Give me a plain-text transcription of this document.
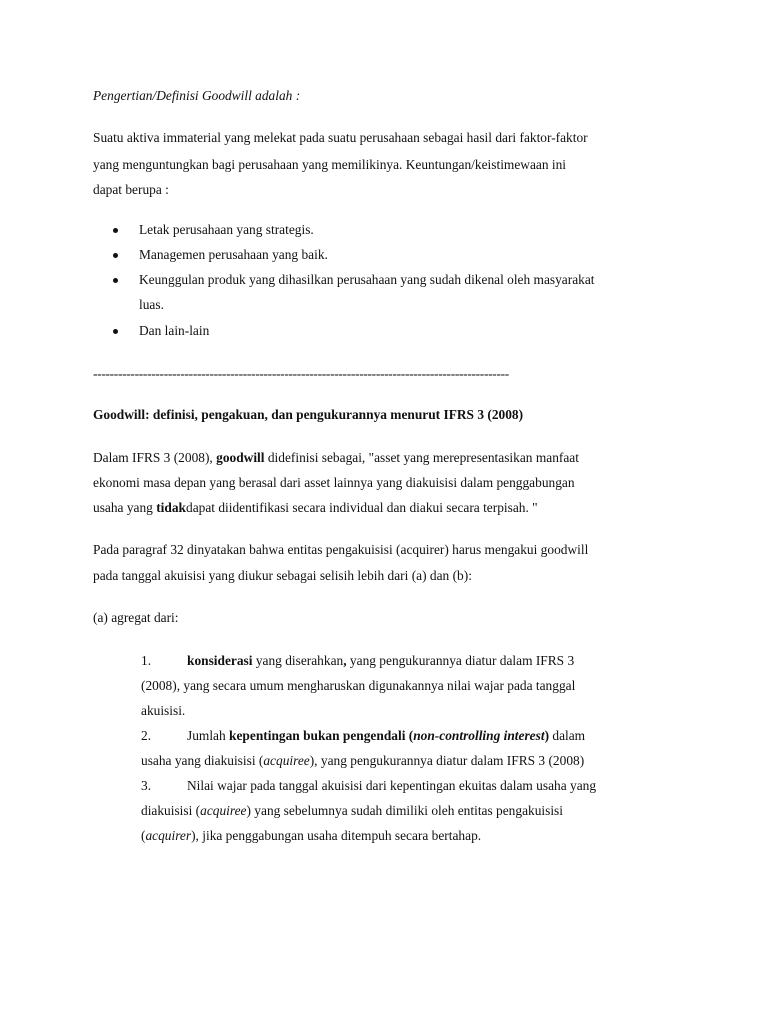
Pengertian/Definisi Goodwill adalah :
Suatu aktiva immaterial yang melekat pada suatu perusahaan sebagai hasil dari faktor-faktor
yang menguntungkan bagi perusahaan yang memilikinya. Keuntungan/keistimewaan ini
dapat berupa :
Letak perusahaan yang strategis.
Managemen perusahaan yang baik.
Keunggulan produk yang dihasilkan perusahaan yang sudah dikenal oleh masyarakat
luas.
Dan lain-lain
----------------------------------------------------------------------------------------------------
Goodwill: definisi, pengakuan, dan pengukurannya menurut IFRS 3 (2008)
Dalam IFRS 3 (2008), goodwill didefinisi sebagai, "asset yang merepresentasikan manfaat
ekonomi masa depan yang berasal dari asset lainnya yang diakuisisi dalam penggabungan
usaha yang tidakdapat diidentifikasi secara individual dan diakui secara terpisah. "
Pada paragraf 32 dinyatakan bahwa entitas pengakuisisi (acquirer) harus mengakui goodwill
pada tanggal akuisisi yang diukur sebagai selisih lebih dari (a) dan (b):
(a) agregat dari:
1.	konsiderasi yang diserahkan, yang pengukurannya diatur dalam IFRS 3
(2008), yang secara umum mengharuskan digunakannya nilai wajar pada tanggal
akuisisi.
2.	Jumlah kepentingan bukan pengendali (non-controlling interest) dalam
usaha yang diakuisisi (acquiree), yang pengukurannya diatur dalam IFRS 3 (2008)
3.	Nilai wajar pada tanggal akuisisi dari kepentingan ekuitas dalam usaha yang
diakuisisi (acquiree) yang sebelumnya sudah dimiliki oleh entitas pengakuisisi
(acquirer), jika penggabungan usaha ditempuh secara bertahap.
